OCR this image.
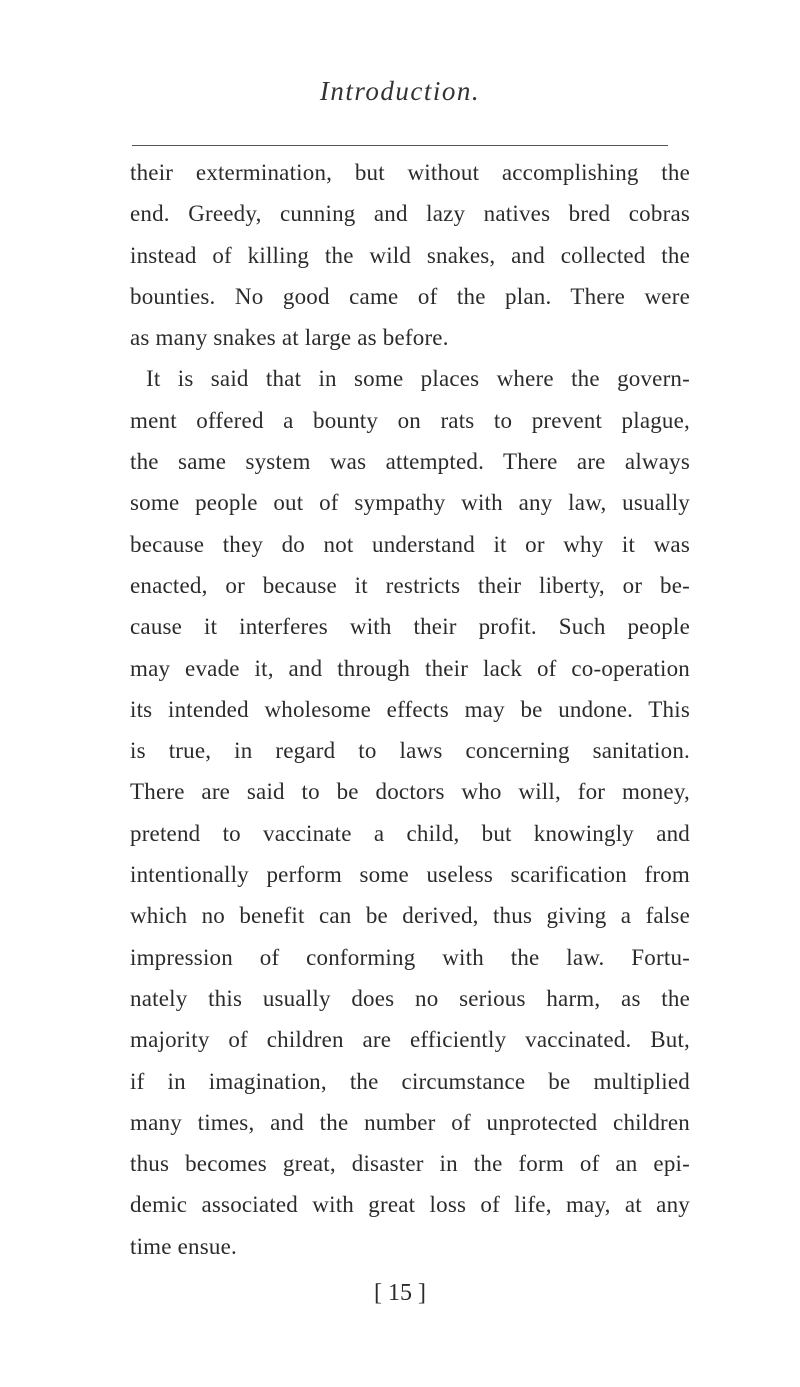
Introduction.
their extermination, but without accomplishing the
end. Greedy, cunning and lazy natives bred cobras
instead of killing the wild snakes, and collected the
bounties. No good came of the plan. There were
as many snakes at large as before.
It is said that in some places where the govern-
ment offered a bounty on rats to prevent plague,
the same system was attempted. There are always
some people out of sympathy with any law, usually
because they do not understand it or why it was
enacted, or because it restricts their liberty, or be-
cause it interferes with their profit. Such people
may evade it, and through their lack of co-operation
its intended wholesome effects may be undone. This
is true, in regard to laws concerning sanitation.
There are said to be doctors who will, for money,
pretend to vaccinate a child, but knowingly and
intentionally perform some useless scarification from
which no benefit can be derived, thus giving a false
impression of conforming with the law. Fortu-
nately this usually does no serious harm, as the
majority of children are efficiently vaccinated. But,
if in imagination, the circumstance be multiplied
many times, and the number of unprotected children
thus becomes great, disaster in the form of an epi-
demic associated with great loss of life, may, at any
time ensue.
[ 15 ]
